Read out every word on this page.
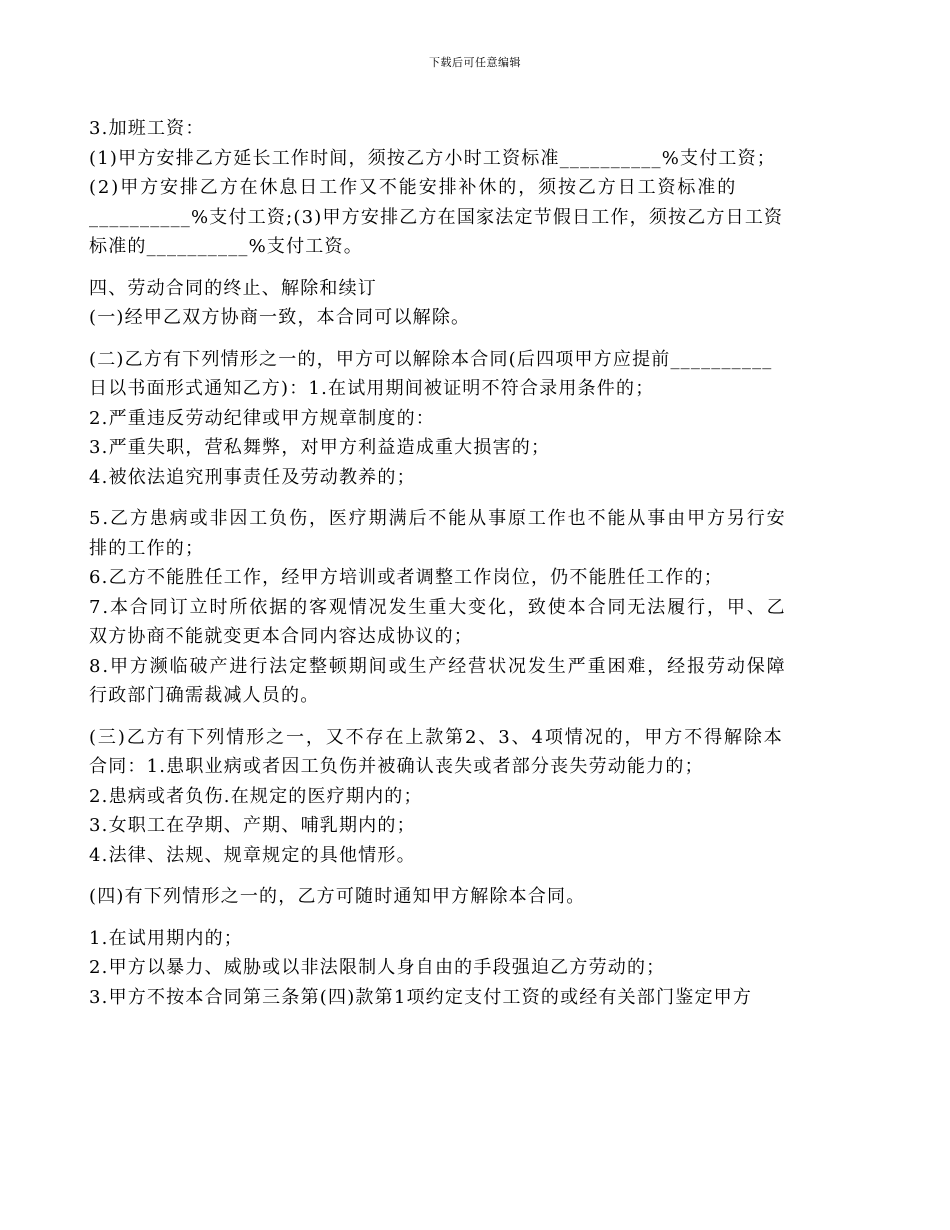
下载后可任意编辑
3.加班工资：
(1)甲方安排乙方延长工作时间，须按乙方小时工资标准__________%支付工资；
(2)甲方安排乙方在休息日工作又不能安排补休的，须按乙方日工资标准的
__________%支付工资;(3)甲方安排乙方在国家法定节假日工作，须按乙方日工资
标准的__________%支付工资。
四、劳动合同的终止、解除和续订
(一)经甲乙双方协商一致，本合同可以解除。
(二)乙方有下列情形之一的，甲方可以解除本合同(后四项甲方应提前__________
日以书面形式通知乙方)：1.在试用期间被证明不符合录用条件的；
2.严重违反劳动纪律或甲方规章制度的：
3.严重失职，营私舞弊，对甲方利益造成重大损害的；
4.被依法追究刑事责任及劳动教养的；
5.乙方患病或非因工负伤，医疗期满后不能从事原工作也不能从事由甲方另行安
排的工作的；
6.乙方不能胜任工作，经甲方培训或者调整工作岗位，仍不能胜任工作的；
7.本合同订立时所依据的客观情况发生重大变化，致使本合同无法履行，甲、乙
双方协商不能就变更本合同内容达成协议的；
8.甲方濒临破产进行法定整顿期间或生产经营状况发生严重困难，经报劳动保障
行政部门确需裁减人员的。
(三)乙方有下列情形之一，又不存在上款第2、3、4项情况的，甲方不得解除本
合同：1.患职业病或者因工负伤并被确认丧失或者部分丧失劳动能力的；
2.患病或者负伤.在规定的医疗期内的；
3.女职工在孕期、产期、哺乳期内的；
4.法律、法规、规章规定的具他情形。
(四)有下列情形之一的，乙方可随时通知甲方解除本合同。
1.在试用期内的；
2.甲方以暴力、威胁或以非法限制人身自由的手段强迫乙方劳动的；
3.甲方不按本合同第三条第(四)款第1项约定支付工资的或经有关部门鉴定甲方
